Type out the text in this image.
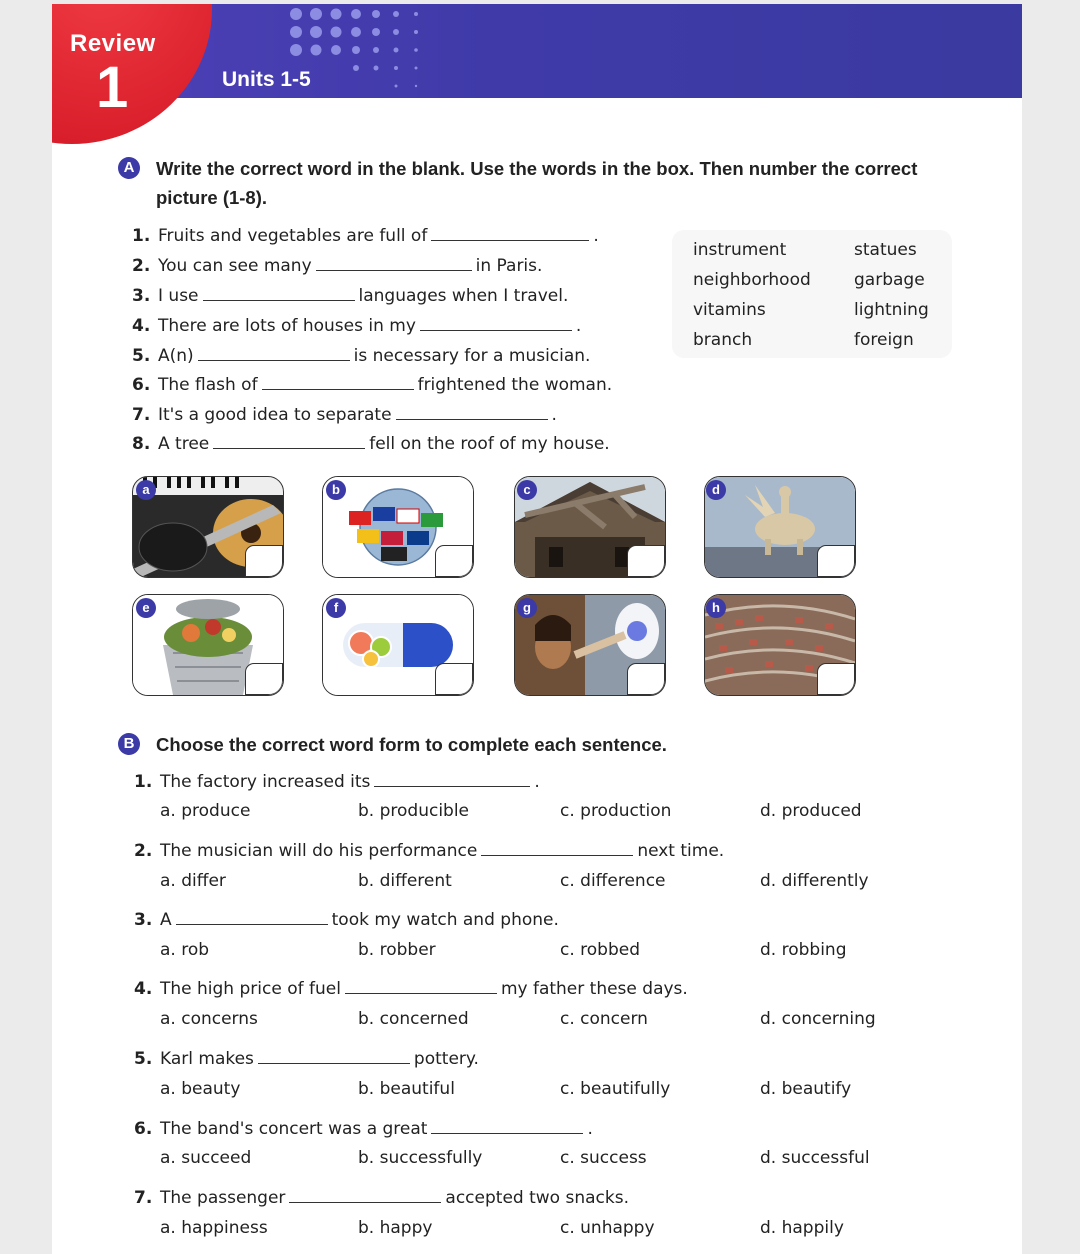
Review
1	Units 1-5
A	Write the correct word in the blank. Use the words in the box. Then number the correct picture (1-8).
1. Fruits and vegetables are full of	.
2. You can see many	in Paris.
3. I use	languages when I travel.
4. There are lots of houses in my	.
5. A(n)	is necessary for a musician.
6. The flash of	frightened the woman.
7. It's a good idea to separate	.
8. A tree	fell on the roof of my house.
instrument	statues
neighborhood	garbage
vitamins	lightning
branch	foreign
a	b	c	d
e	f	g	h
B	Choose the correct word form to complete each sentence.
1. The factory increased its	.
a. produce	b. producible	c. production	d. produced
2. The musician will do his performance	next time.
a. differ	b. different	c. difference	d. differently
3. A	took my watch and phone.
a. rob	b. robber	c. robbed	d. robbing
4. The high price of fuel	my father these days.
a. concerns	b. concerned	c. concern	d. concerning
5. Karl makes	pottery.
a. beauty	b. beautiful	c. beautifully	d. beautify
6. The band's concert was a great	.
a. succeed	b. successfully	c. success	d. successful
7. The passenger	accepted two snacks.
a. happiness	b. happy	c. unhappy	d. happily
